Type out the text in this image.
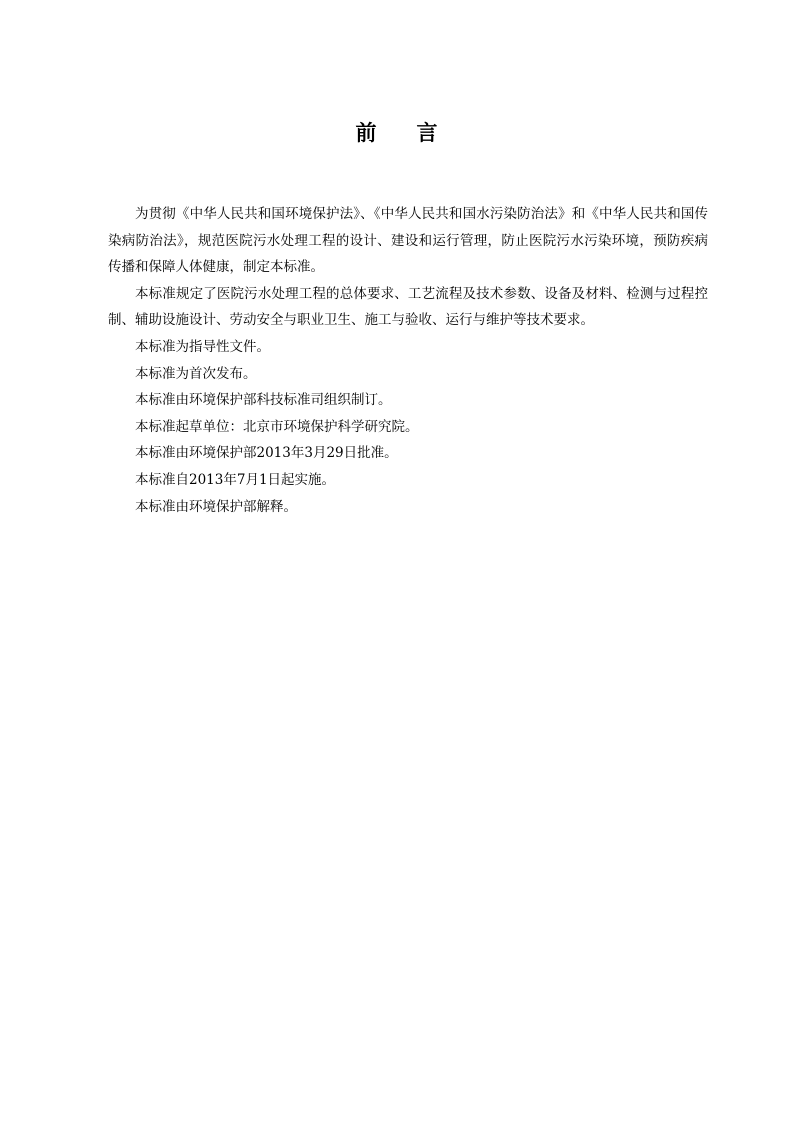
前 言

为贯彻《中华人民共和国环境保护法》、《中华人民共和国水污染防治法》和《中华人民共和国传染病防治法》，规范医院污水处理工程的设计、建设和运行管理，防止医院污水污染环境，预防疾病传播和保障人体健康，制定本标准。

本标准规定了医院污水处理工程的总体要求、工艺流程及技术参数、设备及材料、检测与过程控制、辅助设施设计、劳动安全与职业卫生、施工与验收、运行与维护等技术要求。

本标准为指导性文件。

本标准为首次发布。

本标准由环境保护部科技标准司组织制订。

本标准起草单位：北京市环境保护科学研究院。

本标准由环境保护部2013年3月29日批准。

本标准自2013年7月1日起实施。

本标准由环境保护部解释。
